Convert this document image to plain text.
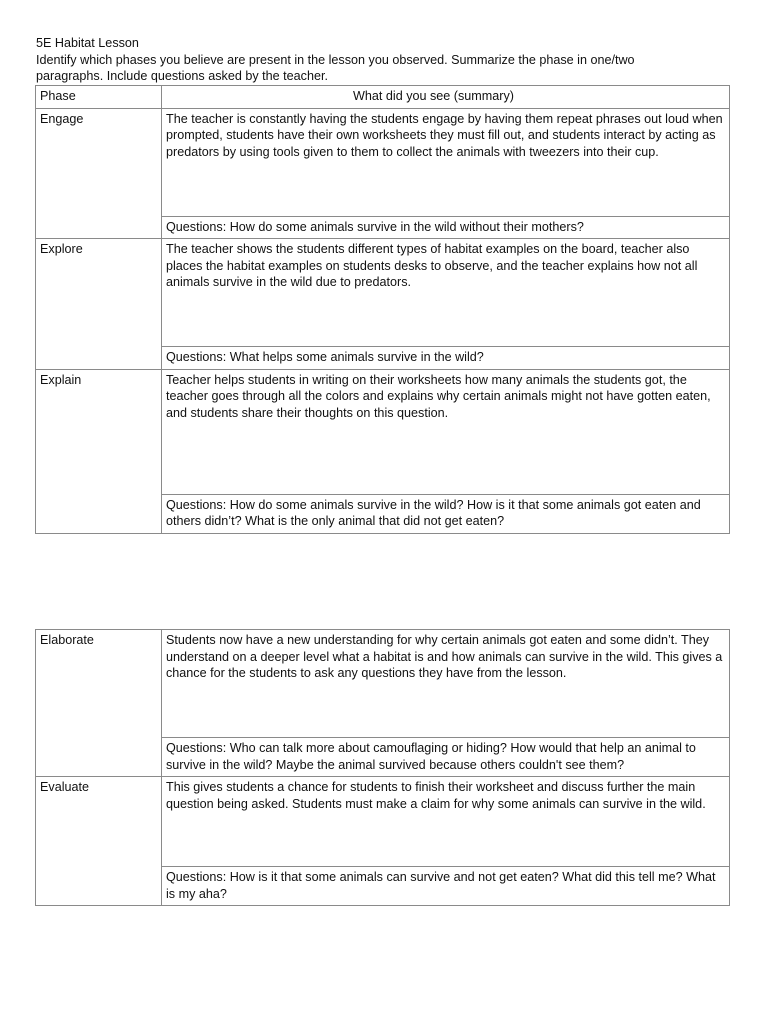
5E Habitat Lesson
Identify which phases you believe are present in the lesson you observed. Summarize the phase in one/two
paragraphs. Include questions asked by the teacher.
Phase	What did you see (summary)
Engage	The teacher is constantly having the students engage by having them repeat phrases out loud when prompted, students have their own worksheets they must fill out, and students interact by acting as predators by using tools given to them to collect the animals with tweezers into their cup.
	Questions: How do some animals survive in the wild without their mothers?
Explore	The teacher shows the students different types of habitat examples on the board, teacher also places the habitat examples on students desks to observe, and the teacher explains how not all animals survive in the wild due to predators.
	Questions: What helps some animals survive in the wild?
Explain	Teacher helps students in writing on their worksheets how many animals the students got, the teacher goes through all the colors and explains why certain animals might not have gotten eaten, and students share their thoughts on this question.
	Questions: How do some animals survive in the wild? How is it that some animals got eaten and others didn’t? What is the only animal that did not get eaten?
Elaborate	Students now have a new understanding for why certain animals got eaten and some didn’t. They understand on a deeper level what a habitat is and how animals can survive in the wild. This gives a chance for the students to ask any questions they have from the lesson.
	Questions: Who can talk more about camouflaging or hiding? How would that help an animal to survive in the wild? Maybe the animal survived because others couldn't see them?
Evaluate	This gives students a chance for students to finish their worksheet and discuss further the main question being asked. Students must make a claim for why some animals can survive in the wild.
	Questions: How is it that some animals can survive and not get eaten? What did this tell me? What is my aha?
